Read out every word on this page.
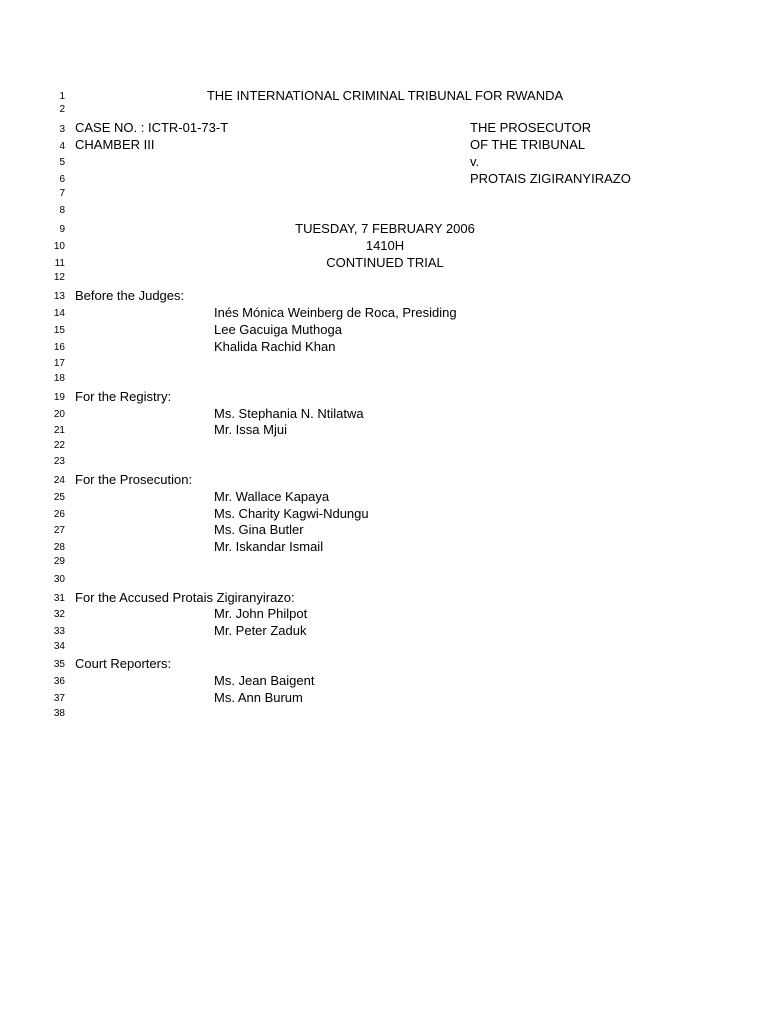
1
2
3
4
5
6
7
8
9
10
11
12
13
14
15
16
17
18
19
20
21
22
23
24
25
26
27
28
29
30
31
32
33
34
35
36
37
38
THE INTERNATIONAL CRIMINAL TRIBUNAL FOR RWANDA
CASE NO. : ICTR-01-73-T
CHAMBER III
THE PROSECUTOR
OF THE TRIBUNAL
v.
PROTAIS ZIGIRANYIRAZO
TUESDAY, 7 FEBRUARY 2006
1410H
CONTINUED TRIAL
Before the Judges:
Inés Mónica Weinberg de Roca, Presiding
Lee Gacuiga Muthoga
Khalida Rachid Khan
For the Registry:
Ms. Stephania N. Ntilatwa
Mr. Issa Mjui
For the Prosecution:
Mr. Wallace Kapaya
Ms. Charity Kagwi-Ndungu
Ms. Gina Butler
Mr. Iskandar Ismail
For the Accused Protais Zigiranyirazo:
Mr. John Philpot
Mr. Peter Zaduk
Court Reporters:
Ms. Jean Baigent
Ms. Ann Burum
